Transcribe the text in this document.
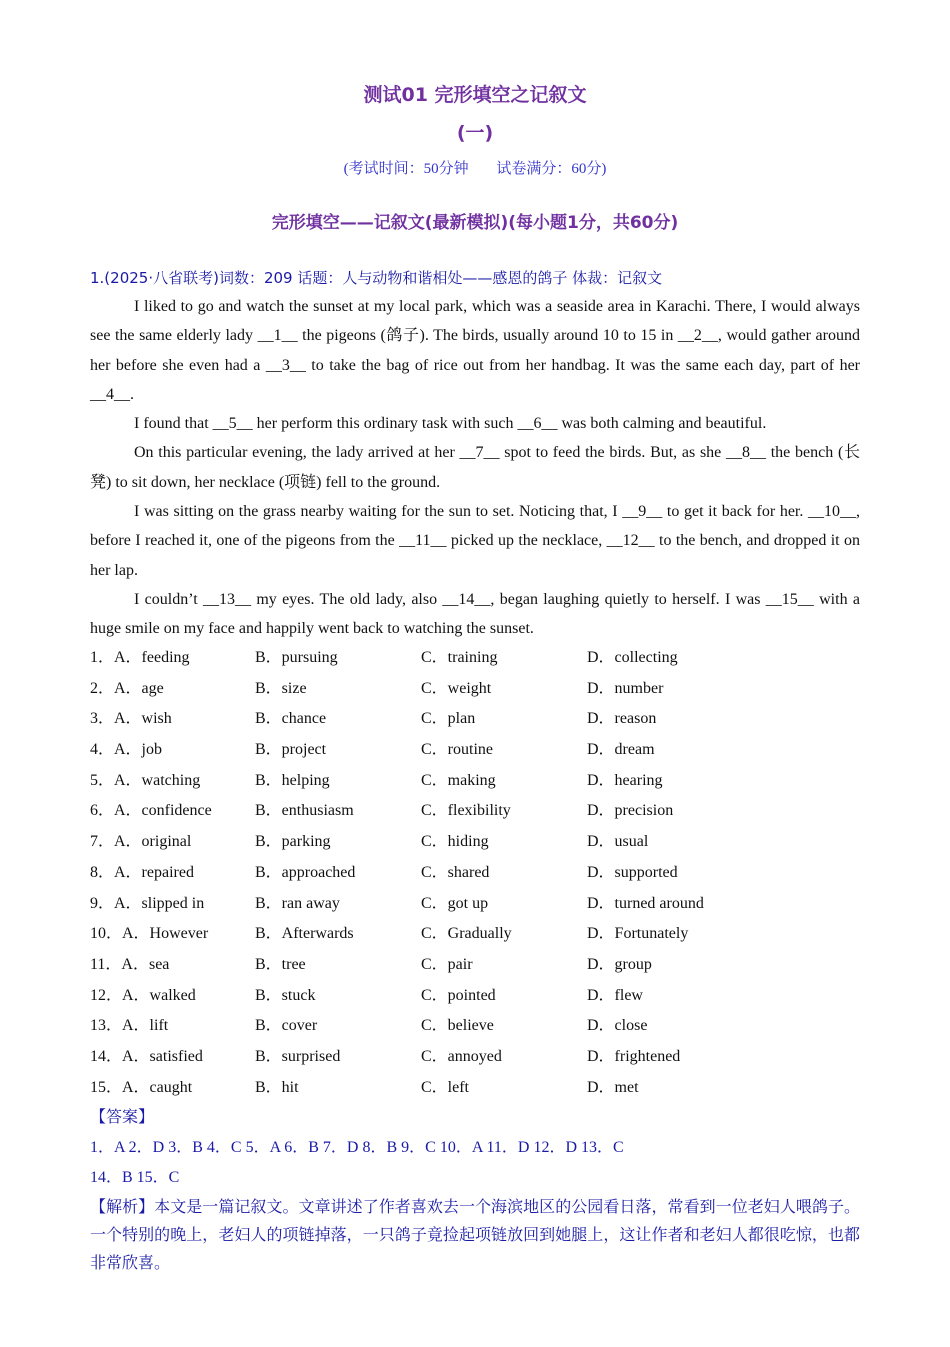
测试01 完形填空之记叙文
(一)
(考试时间：50分钟 试卷满分：60分)
完形填空——记叙文(最新模拟)(每小题1分，共60分)
1.(2025·八省联考)词数：209 话题：人与动物和谐相处——感恩的鸽子 体裁：记叙文

I liked to go and watch the sunset at my local park, which was a seaside area in Karachi. There, I would always see the same elderly lady __1__ the pigeons (鸽子). The birds, usually around 10 to 15 in __2__, would gather around her before she even had a __3__ to take the bag of rice out from her handbag. It was the same each day, part of her __4__.

I found that __5__ her perform this ordinary task with such __6__ was both calming and beautiful.

On this particular evening, the lady arrived at her __7__ spot to feed the birds. But, as she __8__ the bench (长凳) to sit down, her necklace (项链) fell to the ground.

I was sitting on the grass nearby waiting for the sun to set. Noticing that, I __9__ to get it back for her. __10__, before I reached it, one of the pigeons from the __11__ picked up the necklace, __12__ to the bench, and dropped it on her lap.

I couldn’t __13__ my eyes. The old lady, also __14__, began laughing quietly to herself. I was __15__ with a huge smile on my face and happily went back to watching the sunset.

1．A．feeding	B．pursuing	C．training	D．collecting
2．A．age	B．size	C．weight	D．number
3．A．wish	B．chance	C．plan	D．reason
4．A．job	B．project	C．routine	D．dream
5．A．watching	B．helping	C．making	D．hearing
6．A．confidence	B．enthusiasm	C．flexibility	D．precision
7．A．original	B．parking	C．hiding	D．usual
8．A．repaired	B．approached	C．shared	D．supported
9．A．slipped in	B．ran away	C．got up	D．turned around
10．A．However	B．Afterwards	C．Gradually	D．Fortunately
11．A．sea	B．tree	C．pair	D．group
12．A．walked	B．stuck	C．pointed	D．flew
13．A．lift	B．cover	C．believe	D．close
14．A．satisfied	B．surprised	C．annoyed	D．frightened
15．A．caught	B．hit	C．left	D．met
【答案】
1．A 2．D 3．B 4．C 5．A 6．B 7．D 8．B 9．C 10．A 11．D 12．D 13．C
14．B 15．C
【解析】本文是一篇记叙文。文章讲述了作者喜欢去一个海滨地区的公园看日落，常看到一位老妇人喂鸽子。一个特别的晚上，老妇人的项链掉落，一只鸽子竟捡起项链放回到她腿上，这让作者和老妇人都很吃惊，也都非常欣喜。
